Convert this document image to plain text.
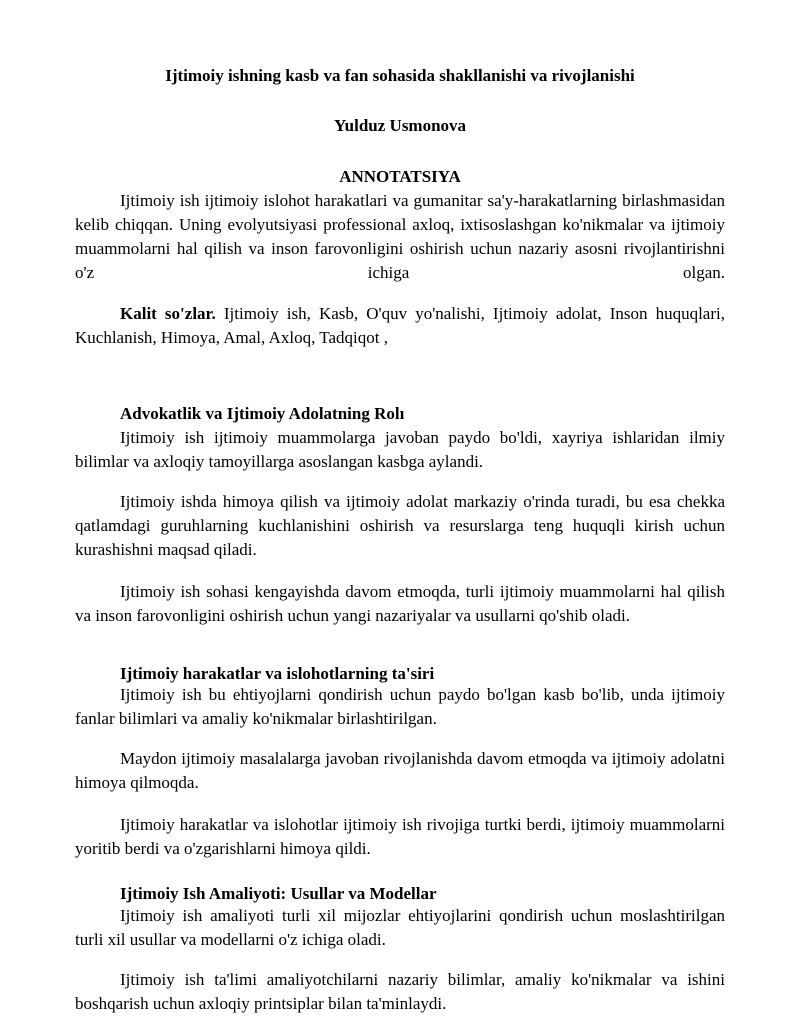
Ijtimoiy ishning kasb va fan sohasida shakllanishi va rivojlanishi
Yulduz Usmonova
ANNOTATSIYA

Ijtimoiy ish ijtimoiy islohot harakatlari va gumanitar sa'y-harakatlarning birlashmasidan kelib chiqqan. Uning evolyutsiyasi professional axloq, ixtisoslashgan ko'nikmalar va ijtimoiy muammolarni hal qilish va inson farovonligini oshirish uchun nazariy asosni rivojlantirishni o'z ichiga olgan.

Kalit so'zlar. Ijtimoiy ish, Kasb, O'quv yo'nalishi, Ijtimoiy adolat, Inson huquqlari, Kuchlanish, Himoya, Amal, Axloq, Tadqiqot ,

Advokatlik va Ijtimoiy Adolatning Rolı

Ijtimoiy ish ijtimoiy muammolarga javoban paydo bo'ldi, xayriya ishlaridan ilmiy bilimlar va axloqiy tamoyillarga asoslangan kasbga aylandi.

Ijtimoiy ishda himoya qilish va ijtimoiy adolat markaziy o'rinda turadi, bu esa chekka qatlamdagi guruhlarning kuchlanishini oshirish va resurslarga teng huquqli kirish uchun kurashishni maqsad qiladi.

Ijtimoiy ish sohasi kengayishda davom etmoqda, turli ijtimoiy muammolarni hal qilish va inson farovonligini oshirish uchun yangi nazariyalar va usullarni qo'shib oladi.

Ijtimoiy harakatlar va islohotlarning ta'siri

Ijtimoiy ish bu ehtiyojlarni qondirish uchun paydo bo'lgan kasb bo'lib, unda ijtimoiy fanlar bilimlari va amaliy ko'nikmalar birlashtirilgan.

Maydon ijtimoiy masalalarga javoban rivojlanishda davom etmoqda va ijtimoiy adolatni himoya qilmoqda.

Ijtimoiy harakatlar va islohotlar ijtimoiy ish rivojiga turtki berdi, ijtimoiy muammolarni yoritib berdi va o'zgarishlarni himoya qildi.

Ijtimoiy Ish Amaliyoti: Usullar va Modellar

Ijtimoiy ish amaliyoti turli xil mijozlar ehtiyojlarini qondirish uchun moslashtirilgan turli xil usullar va modellarni o'z ichiga oladi.

Ijtimoiy ish ta'limi amaliyotchilarni nazariy bilimlar, amaliy ko'nikmalar va ishini boshqarish uchun axloqiy printsiplar bilan ta'minlaydi.
